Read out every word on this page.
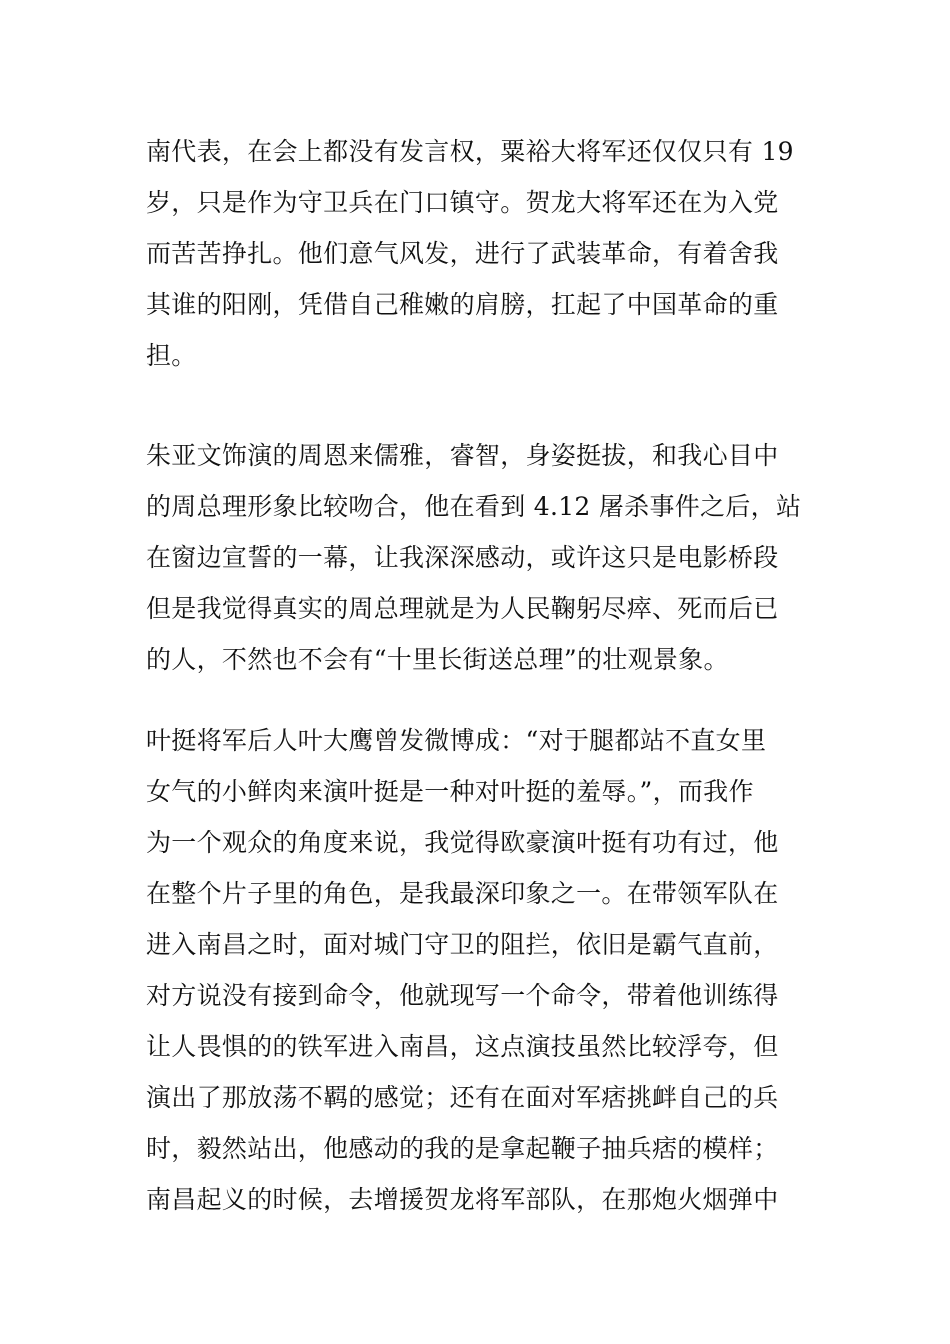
南代表，在会上都没有发言权，粟裕大将军还仅仅只有 19
岁，只是作为守卫兵在门口镇守。贺龙大将军还在为入党
而苦苦挣扎。他们意气风发，进行了武装革命，有着舍我
其谁的阳刚，凭借自己稚嫩的肩膀，扛起了中国革命的重
担。
朱亚文饰演的周恩来儒雅，睿智，身姿挺拔，和我心目中
的周总理形象比较吻合，他在看到 4.12 屠杀事件之后，站
在窗边宣誓的一幕，让我深深感动，或许这只是电影桥段
但是我觉得真实的周总理就是为人民鞠躬尽瘁、死而后已
的人，不然也不会有“十里长街送总理”的壮观景象。
叶挺将军后人叶大鹰曾发微博成：“对于腿都站不直女里
女气的小鲜肉来演叶挺是一种对叶挺的羞辱。”，而我作
为一个观众的角度来说，我觉得欧豪演叶挺有功有过，他
在整个片子里的角色，是我最深印象之一。在带领军队在
进入南昌之时，面对城门守卫的阻拦，依旧是霸气直前，
对方说没有接到命令，他就现写一个命令，带着他训练得
让人畏惧的的铁军进入南昌，这点演技虽然比较浮夸，但
演出了那放荡不羁的感觉；还有在面对军痞挑衅自己的兵
时，毅然站出，他感动的我的是拿起鞭子抽兵痞的模样；
南昌起义的时候，去增援贺龙将军部队，在那炮火烟弹中
